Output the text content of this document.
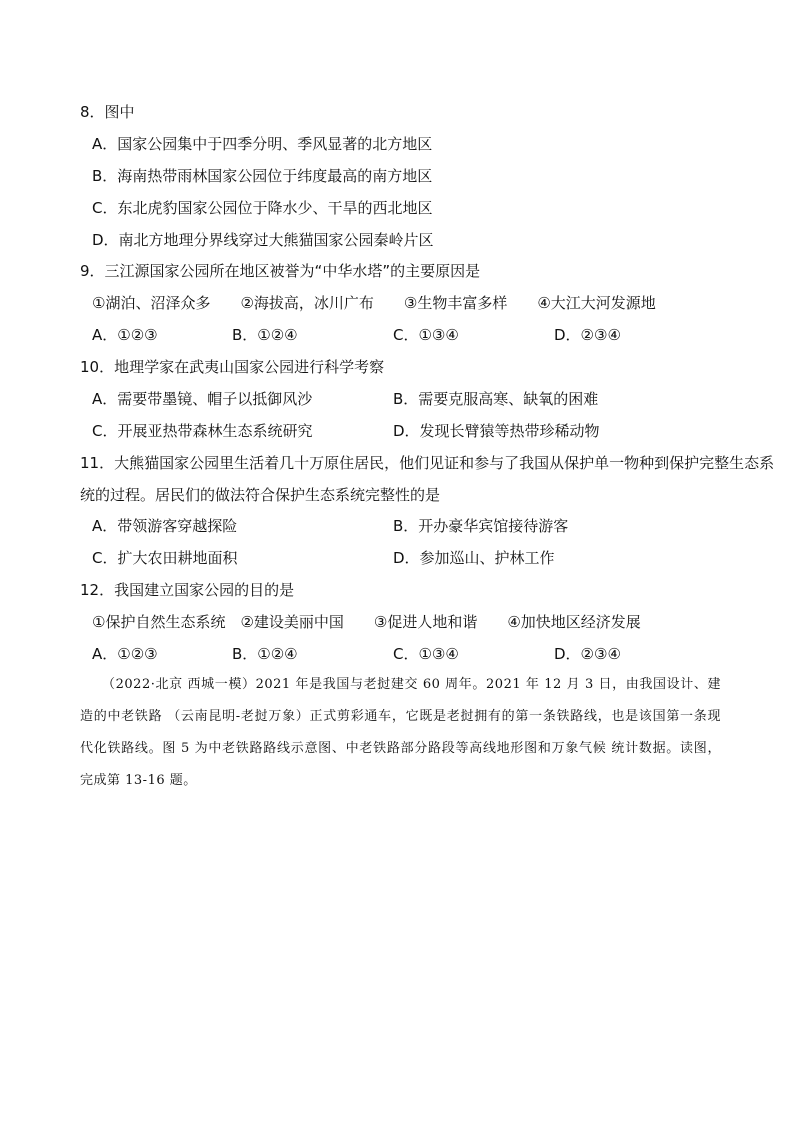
8．图中
A．国家公园集中于四季分明、季风显著的北方地区
B．海南热带雨林国家公园位于纬度最高的南方地区
C．东北虎豹国家公园位于降水少、干旱的西北地区
D．南北方地理分界线穿过大熊猫国家公园秦岭片区
9．三江源国家公园所在地区被誉为“中华水塔”的主要原因是
①湖泊、沼泽众多　　②海拔高，冰川广布　　③生物丰富多样　　④大江大河发源地
A．①②③	B．①②④	C．①③④	D．②③④
10．地理学家在武夷山国家公园进行科学考察
A．需要带墨镜、帽子以抵御风沙	B．需要克服高寒、缺氧的困难
C．开展亚热带森林生态系统研究	D．发现长臂猿等热带珍稀动物
11．大熊猫国家公园里生活着几十万原住居民，他们见证和参与了我国从保护单一物种到保护完整生态系
统的过程。居民们的做法符合保护生态系统完整性的是
A．带领游客穿越探险	B．开办豪华宾馆接待游客
C．扩大农田耕地面积	D．参加巡山、护林工作
12．我国建立国家公园的目的是
①保护自然生态系统　②建设美丽中国　　③促进人地和谐　　④加快地区经济发展
A．①②③	B．①②④	C．①③④	D．②③④
（2022·北京 西城一模）2021 年是我国与老挝建交 60 周年。2021 年 12 月 3 日，由我国设计、建造的中老铁路 （云南昆明-老挝万象）正式剪彩通车，它既是老挝拥有的第一条铁路线，也是该国第一条现代化铁路线。图 5 为中老铁路路线示意图、中老铁路部分路段等高线地形图和万象气候 统计数据。读图，完成第 13-16 题。
